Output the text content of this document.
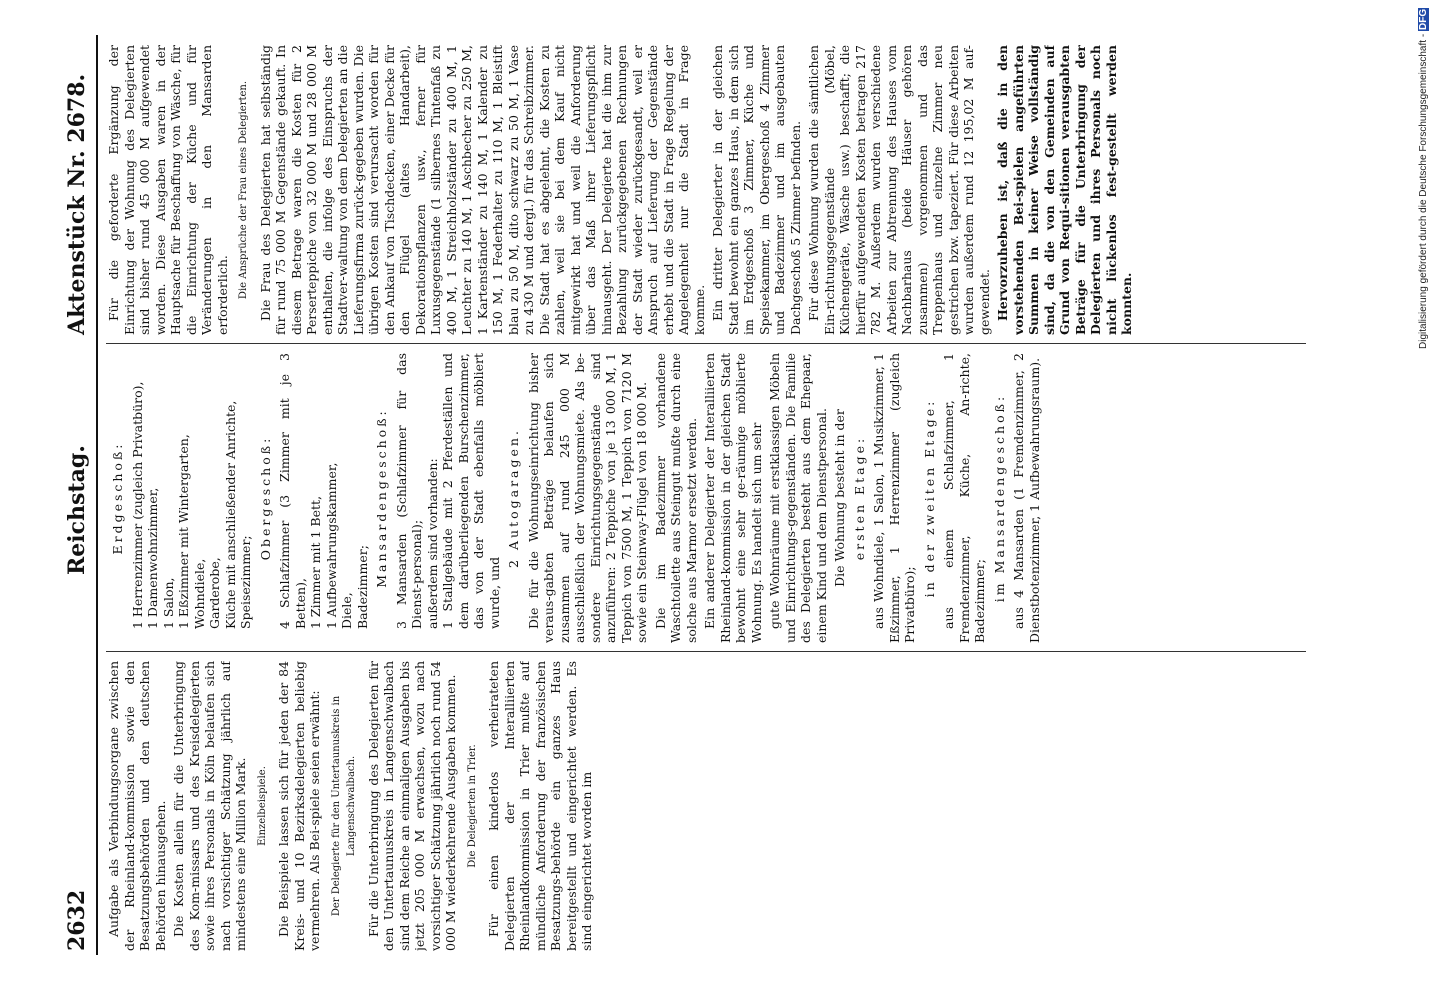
2632
Reichstag.
Aktenstück Nr. 2678.

Aufgabe als Verbindungsorgane zwischen der Rheinland-kommission sowie den Besatzungsbehörden und den deutschen Behörden hinausgehen. Die Kosten allein für die Unterbringung des Kom-missars und des Kreisdelegierten sowie ihres Personals in Köln belaufen sich nach vorsichtiger Schätzung jährlich auf mindestens eine Million Mark. Einzelbeispiele. Die Beispiele lassen sich für jeden der 84 Kreis- und 10 Bezirksdelegierten beliebig vermehren. Als Bei-spiele seien erwähnt: Der Delegierte für den Untertaunuskreis in Langenschwalbach. Für die Unterbringung des Delegierten für den Untertaunuskreis in Langenschwalbach sind dem Reiche an einmaligen Ausgaben bis jetzt 205 000 M erwachsen, wozu nach vorsichtiger Schätzung jährlich noch rund 54 000 M wiederkehrende Ausgaben kommen. Die Delegierten in Trier. Für einen kinderlos verheirateten Delegierten der Interalliierten Rheinlandkommission in Trier mußte auf mündliche Anforderung der französischen Besatzungs-behörde ein ganzes Haus bereitgestellt und eingerichtet werden. Es sind eingerichtet worden im

Erdgeschoß: 1 Herrenzimmer (zugleich Privatbüro), 1 Damenwohnzimmer, 1 Salon, 1 Eßzimmer mit Wintergarten, Wohndiele, Garderobe, Küche mit anschließender Anrichte, Speisezimmer;

Obergeschoß: 4 Schlafzimmer (3 Zimmer mit je 3 Betten), 1 Zimmer mit 1 Bett, 1 Aufbewahrungskammer, Diele, Badezimmer; Mansardengeschoß: 3 Mansarden (Schlafzimmer für das Dienst-personal); außerdem sind vorhanden: 1 Stallgebäude mit 2 Pferdeställen und dem darüberliegenden Burschenzimmer, das von der Stadt ebenfalls möbliert wurde, und

2 Autogaragen. Die für die Wohnungseinrichtung bisher veraus-gabten Beträge belaufen sich zusammen auf rund 245 000 M ausschließlich der Wohnungsmiete. Als be-sondere Einrichtungsgegenstände sind anzuführen: 2 Teppiche von je 13 000 M, 1 Teppich von 7500 M, 1 Teppich von 7120 M sowie ein Steinway-Flügel von 18 000 M. Die im Badezimmer vorhandene Waschtoilette aus Steingut mußte durch eine solche aus Marmor ersetzt werden. Ein anderer Delegierter der Interalliierten Rheinland-kommission in der gleichen Stadt bewohnt eine sehr ge-räumige möblierte Wohnung. Es handelt sich um sehr gute Wohnräume mit erstklassigen Möbeln und Einrichtungs-gegenständen. Die Familie des Delegierten besteht aus dem Ehepaar, einem Kind und dem Dienstpersonal. Die Wohnung besteht in der ersten Etage: aus Wohndiele, 1 Salon, 1 Musikzimmer, 1 Eßzimmer, 1 Herrenzimmer (zugleich Privatbüro);

in der zweiten Etage: aus einem Schlafzimmer, 1 Fremdenzimmer, Küche, An-richte, Badezimmer; im Mansardengeschoß: aus 4 Mansarden (1 Fremdenzimmer, 2 Dienstbotenzimmer, 1 Aufbewahrungsraum).

Für die geforderte Ergänzung der Einrichtung der Wohnung des Delegierten sind bisher rund 45 000 M aufgewendet worden. Diese Ausgaben waren in der Hauptsache für Beschaffung von Wäsche, für die Einrichtung der Küche und für Veränderungen in den Mansarden erforderlich. Die Ansprüche der Frau eines Delegierten. Die Frau des Delegierten hat selbständig für rund 75 000 M Gegenstände gekauft. In diesem Betrage waren die Kosten für 2 Perserteppiche von 32 000 M und 28 000 M enthalten, die infolge des Einspruchs der Stadtver-waltung von dem Delegierten an die Lieferungsfirma zurück-gegeben wurden. Die übrigen Kosten sind verursacht worden für den Ankauf von Tischdecken, einer Decke für den Flügel (altes Handarbeit), Dekorationspflanzen usw., ferner für Luxusgegenstände (1 silbernes Tintenfaß zu 400 M, 1 Streichholzständer zu 400 M, 1 Leuchter zu 140 M, 1 Aschbecher zu 250 M, 1 Kartenständer zu 140 M, 1 Kalender zu 150 M, 1 Federhalter zu 110 M, 1 Bleistift blau zu 50 M, dito schwarz zu 50 M, 1 Vase zu 430 M und dergl.) für das Schreibzimmer. Die Stadt hat es abgelehnt, die Kosten zu zahlen, weil sie bei dem Kauf nicht mitgewirkt hat und weil die Anforderung über das Maß ihrer Lieferungspflicht hinausgeht. Der Delegierte hat die ihm zur Bezahlung zurückgegebenen Rechnungen der Stadt wieder zurückgesandt, weil er Anspruch auf Lieferung der Gegenstände erhebt und die Stadt in Frage Regelung der Angelegenheit nur die Stadt in Frage komme. Ein dritter Delegierter in der gleichen Stadt bewohnt ein ganzes Haus, in dem sich im Erdgeschoß 3 Zimmer, Küche und Speisekammer, im Obergeschoß 4 Zimmer und Badezimmer und im ausgebauten Dachgeschoß 5 Zimmer befinden. Für diese Wohnung wurden die sämtlichen Ein-richtungsgegenstände (Möbel, Küchengeräte, Wäsche usw.) beschafft; die hierfür aufgewendeten Kosten betragen 217 782 M. Außerdem wurden verschiedene Arbeiten zur Abtrennung des Hauses vom Nachbarhaus (beide Häuser gehören zusammen) vorgenommen und das Treppenhaus und einzelne Zimmer neu gestrichen bzw. tapeziert. Für diese Arbeiten wurden außerdem rund 12 195,02 M auf-gewendet. Hervorzuheben ist, daß die in den vorstehenden Bei-spielen angeführten Summen in keiner Weise vollständig sind, da die von den Gemeinden auf Grund von Requi-sitionen verausgabten Beträge für die Unterbringung der Delegierten und ihres Personals noch nicht lückenlos fest-gestellt werden konnten.	Digitalisierung gefördert durch die Deutsche Forschungsgemeinschaft - DFG
